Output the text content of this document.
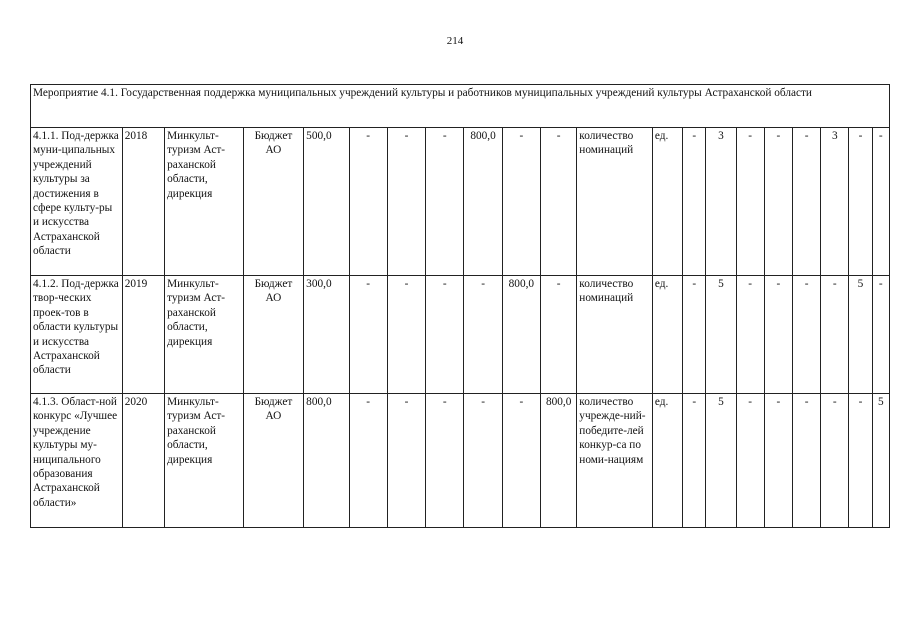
214
Мероприятие 4.1. Государственная поддержка муниципальных учреждений культуры и работников муниципальных учреждений культуры Астраханской области																				
4.1.1. Под-держка муни-ципальных учреждений культуры за достижения в сфере культу-ры и искусства Астраханской области	2018	Минкульт-туризм Аст-раханской области, дирекция	Бюджет АО	500,0	-	-	-	800,0	-	-	количество номинаций	ед.	-	3	-	-	-	3	-	-
4.1.2. Под-держка твор-ческих проек-тов в области культуры и искусства Астраханской области	2019	Минкульт-туризм Аст-раханской области, дирекция	Бюджет АО	300,0	-	-	-	-	800,0	-	количество номинаций	ед.	-	5	-	-	-	-	5	-
4.1.3. Област-ной конкурс «Лучшее учреждение культуры му-ниципального образования Астраханской области»	2020	Минкульт-туризм Аст-раханской области, дирекция	Бюджет АО	800,0	-	-	-	-	-	800,0	количество учрежде-ний-победите-лей конкур-са по номи-нациям	ед.	-	5	-	-	-	-	-	5
